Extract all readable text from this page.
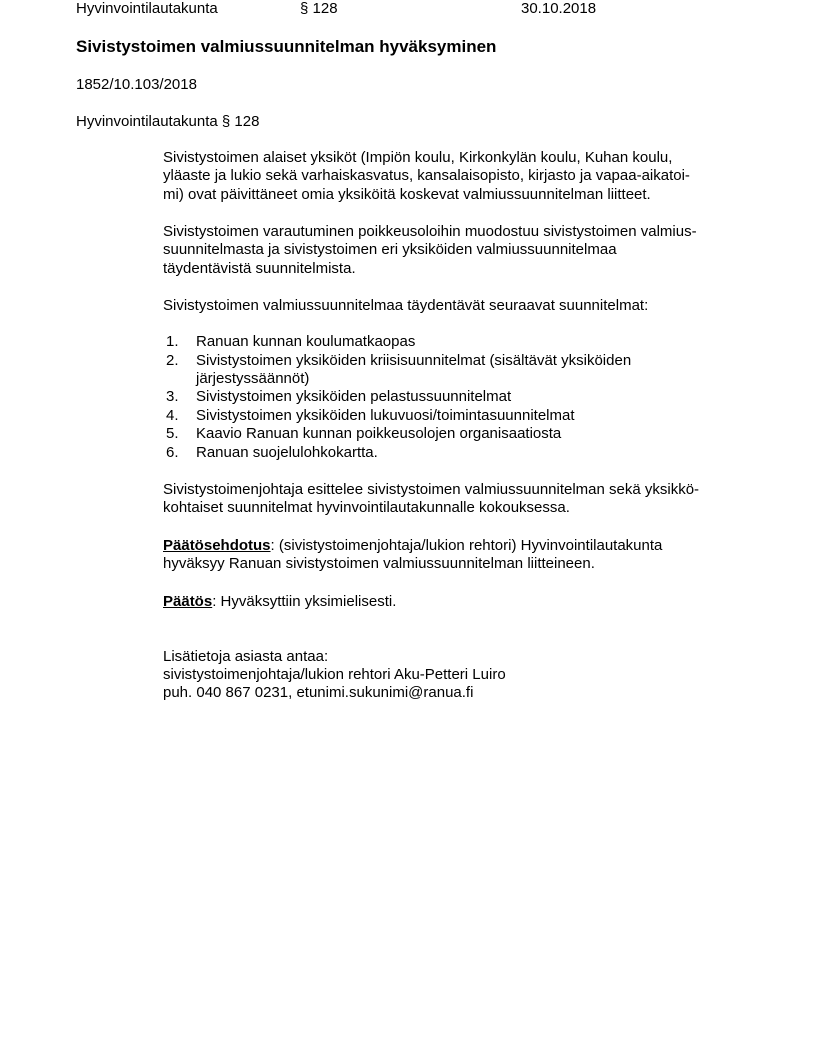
Hyvinvointilautakunta	§ 128	30.10.2018
Sivistystoimen valmiussuunnitelman hyväksyminen
1852/10.103/2018
Hyvinvointilautakunta § 128
Sivistystoimen alaiset yksiköt (Impiön koulu, Kirkonkylän koulu, Kuhan koulu,
yläaste ja lukio sekä varhaiskasvatus, kansalaisopisto, kirjasto ja vapaa-aikatoi-
mi) ovat päivittäneet omia yksiköitä koskevat valmiussuunnitelman liitteet.
Sivistystoimen varautuminen poikkeusoloihin muodostuu sivistystoimen valmius-
suunnitelmasta ja sivistystoimen eri yksiköiden valmiussuunnitelmaa
täydentävistä suunnitelmista.
Sivistystoimen valmiussuunnitelmaa täydentävät seuraavat suunnitelmat:
1. Ranuan kunnan koulumatkaopas
2. Sivistystoimen yksiköiden kriisisuunnitelmat (sisältävät yksiköiden
järjestyssäännöt)
3. Sivistystoimen yksiköiden pelastussuunnitelmat
4. Sivistystoimen yksiköiden lukuvuosi/toimintasuunnitelmat
5. Kaavio Ranuan kunnan poikkeusolojen organisaatiosta
6. Ranuan suojelulohkokartta.
Sivistystoimenjohtaja esittelee sivistystoimen valmiussuunnitelman sekä yksikkö-
kohtaiset suunnitelmat hyvinvointilautakunnalle kokouksessa.
Päätösehdotus: (sivistystoimenjohtaja/lukion rehtori) Hyvinvointilautakunta
hyväksyy Ranuan sivistystoimen valmiussuunnitelman liitteineen.
Päätös: Hyväksyttiin yksimielisesti.
Lisätietoja asiasta antaa:
sivistystoimenjohtaja/lukion rehtori Aku-Petteri Luiro
puh. 040 867 0231, etunimi.sukunimi@ranua.fi
